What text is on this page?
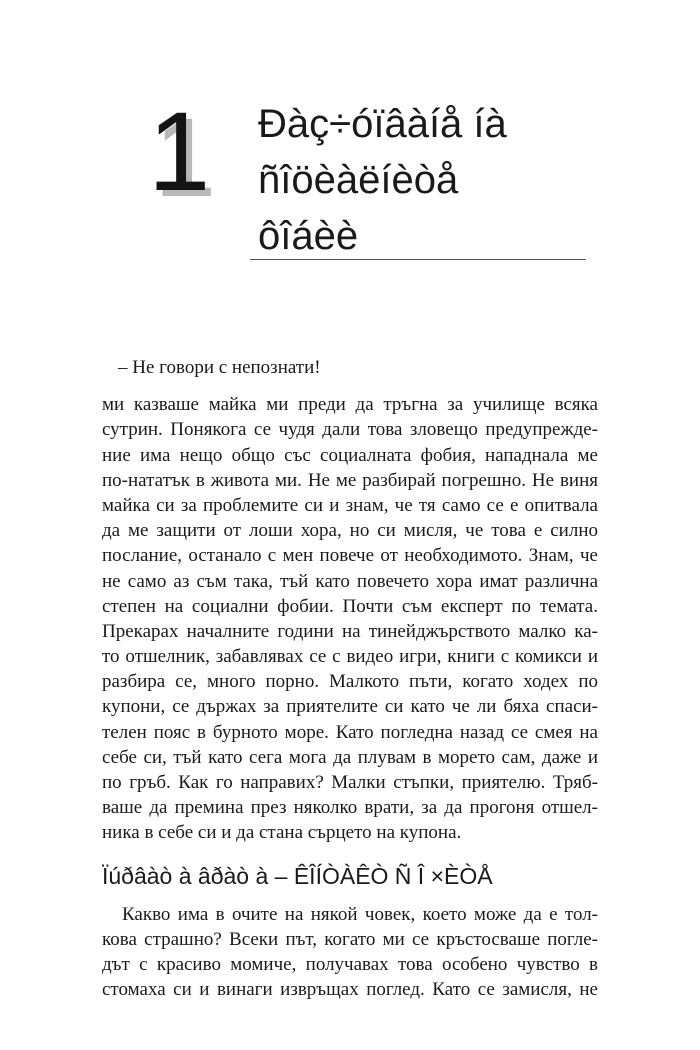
1 Ðàç÷óïâàíå íà
ñîöèàëíèòå
ôîáèè
– Не говори с непознати!
ми казваше майка ми преди да тръгна за училище всяка
сутрин. Понякога се чудя дали това зловещо предупрежде-
ние има нещо общо със социалната фобия, нападнала ме
по-нататък в живота ми. Не ме разбирай погрешно. Не виня
майка си за проблемите си и знам, че тя само се е опитвала
да ме защити от лоши хора, но си мисля, че това е силно
послание, останало с мен повече от необходимото. Знам, че
не само аз съм така, тъй като повечето хора имат различна
степен на социални фобии. Почти съм експерт по темата.
Прекарах началните години на тинейджърството малко ка-
то отшелник, забавлявах се с видео игри, книги с комикси и
разбира се, много порно. Малкото пъти, когато ходех по
купони, се държах за приятелите си като че ли бяха спаси-
телен пояс в бурното море. Като погледна назад се смея на
себе си, тъй като сега мога да плувам в морето сам, даже и
по гръб. Как го направих? Малки стъпки, приятелю. Тряб-
ваше да премина през няколко врати, за да прогоня отшел-
ника в себе си и да стана сърцето на купона.
Ïúðâàò à âðàò à – ÊÎÍÒÀÊÒ Ñ Î ×ÈÒÅ
Какво има в очите на някой човек, което може да е тол-
кова страшно? Всеки път, когато ми се кръстосваше погле-
дът с красиво момиче, получавах това особено чувство в
стомаха си и винаги извръщах поглед. Като се замисля, не
